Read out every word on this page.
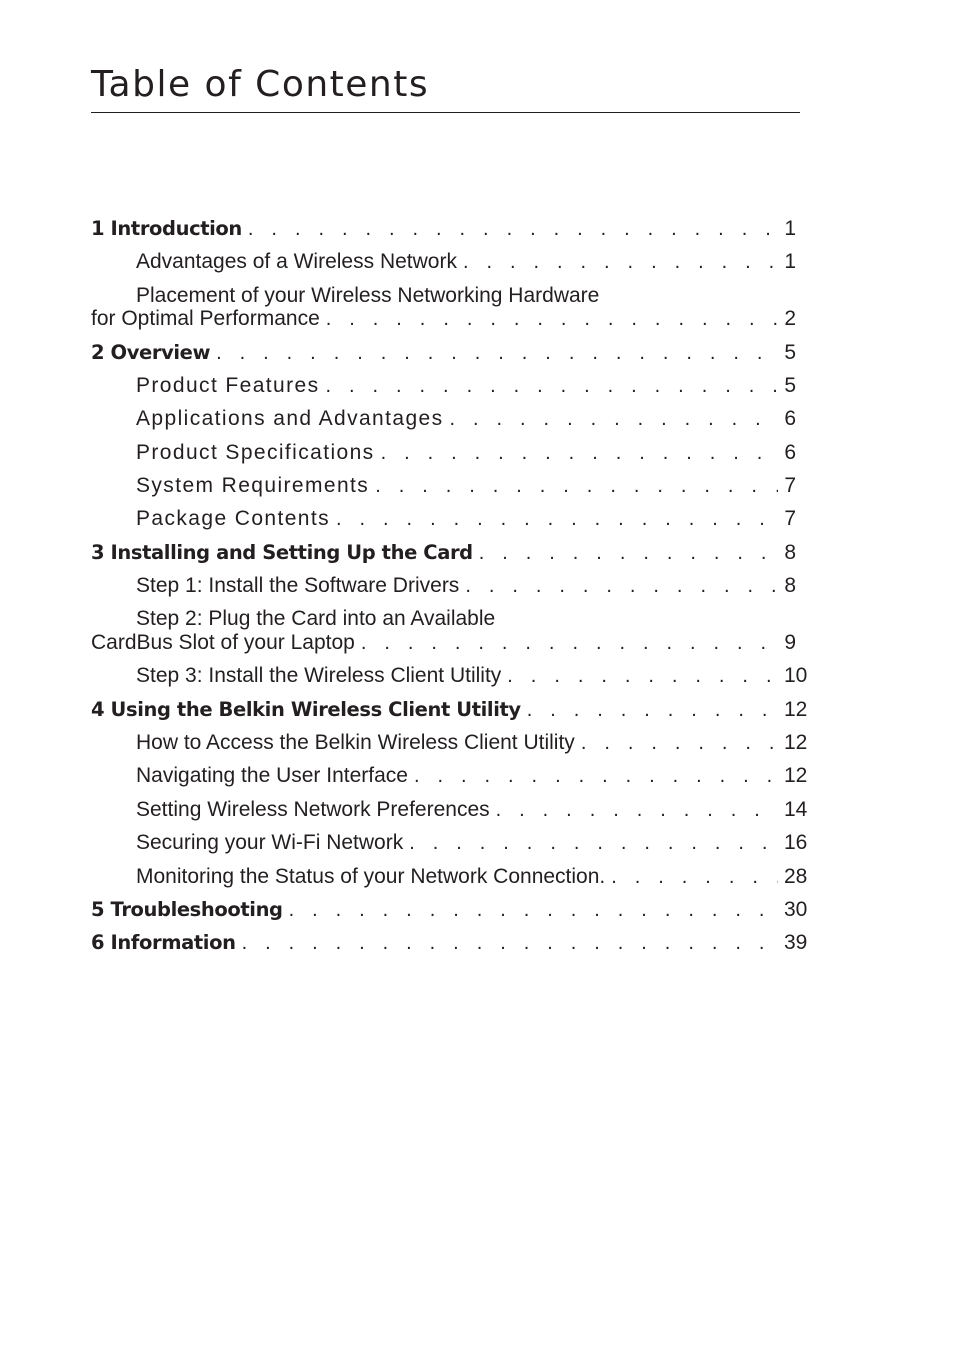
Table of Contents
1 Introduction . . .	1
Advantages of a Wireless Network . . .	1
Placement of your Wireless Networking Hardware
for Optimal Performance . . .	2
2 Overview . . .	5
Product Features . . .	5
Applications and Advantages . . .	6
Product Specifications . . .	6
System Requirements . . .	7
Package Contents . . .	7
3 Installing and Setting Up the Card . . .	8
Step 1: Install the Software Drivers . . .	8
Step 2: Plug the Card into an Available
CardBus Slot of your Laptop . . .	9
Step 3: Install the Wireless Client Utility . . .	10
4 Using the Belkin Wireless Client Utility . . .	12
How to Access the Belkin Wireless Client Utility . . .	12
Navigating the User Interface . . .	12
Setting Wireless Network Preferences . . .	14
Securing your Wi-Fi Network . . .	16
Monitoring the Status of your Network Connection. . . .	28
5 Troubleshooting . . .	30
6 Information . . .	39
